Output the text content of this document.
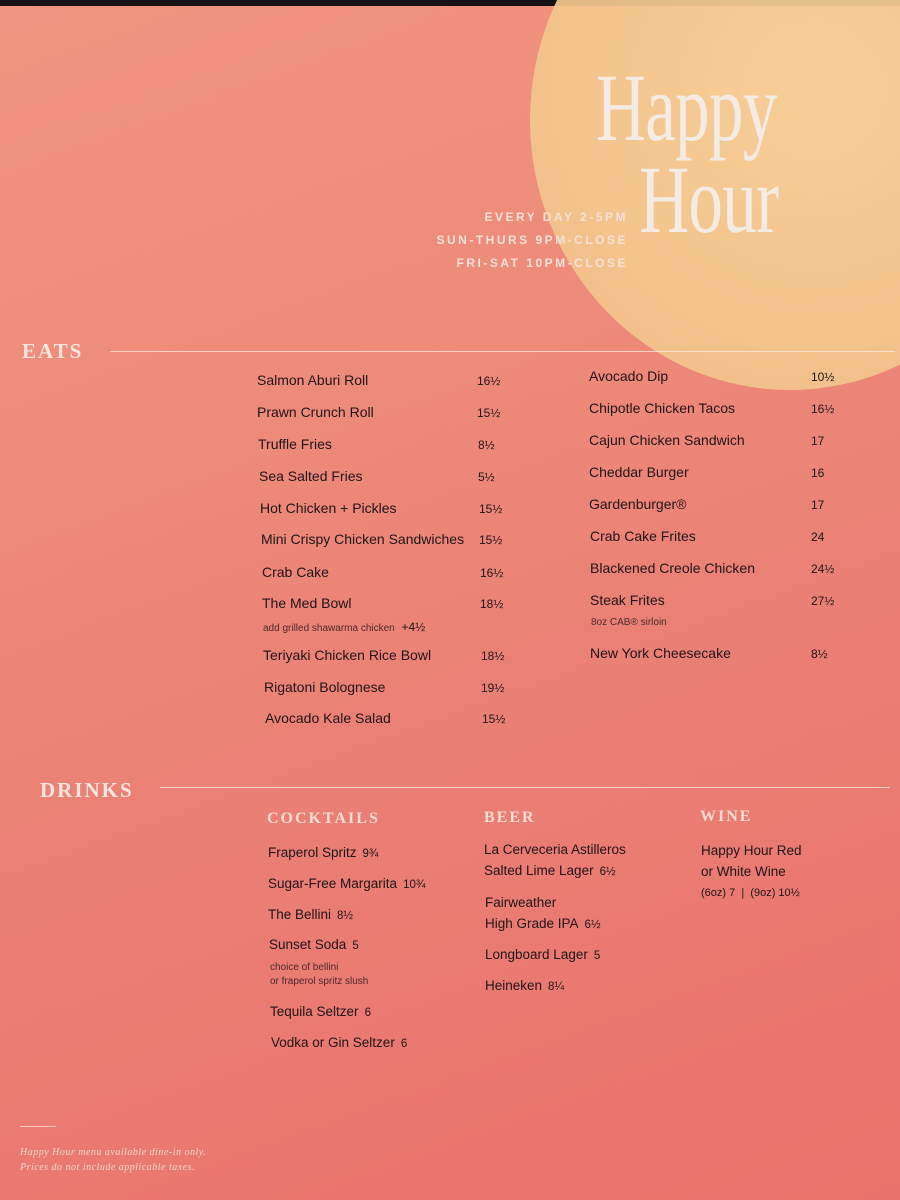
Happy
Hour
EVERY DAY 2-5PM
SUN-THURS 9PM-CLOSE
FRI-SAT 10PM-CLOSE
EATS
Salmon Aburi Roll	16½
Prawn Crunch Roll	15½
Truffle Fries	8½
Sea Salted Fries	5½
Hot Chicken + Pickles	15½
Mini Crispy Chicken Sandwiches 15½
Crab Cake	16½
The Med Bowl	18½
add grilled shawarma chicken +4½
Teriyaki Chicken Rice Bowl	18½
Rigatoni Bolognese	19½
Avocado Kale Salad	15½
Avocado Dip	10½
Chipotle Chicken Tacos	16½
Cajun Chicken Sandwich	17
Cheddar Burger	16
Gardenburger®	17
Crab Cake Frites	24
Blackened Creole Chicken	24½
Steak Frites	27½
8oz CAB® sirloin
New York Cheesecake	8½
DRINKS
COCKTAILS
Fraperol Spritz 9¾
Sugar-Free Margarita 10¾
The Bellini 8½
Sunset Soda 5
choice of bellini
or fraperol spritz slush
Tequila Seltzer 6
Vodka or Gin Seltzer 6
BEER
La Cerveceria Astilleros
Salted Lime Lager 6½
Fairweather
High Grade IPA 6½
Longboard Lager 5
Heineken 8¼
WINE
Happy Hour Red
or White Wine
(6oz) 7  |  (9oz) 10½
Happy Hour menu available dine-in only.
Prices do not include applicable taxes.
